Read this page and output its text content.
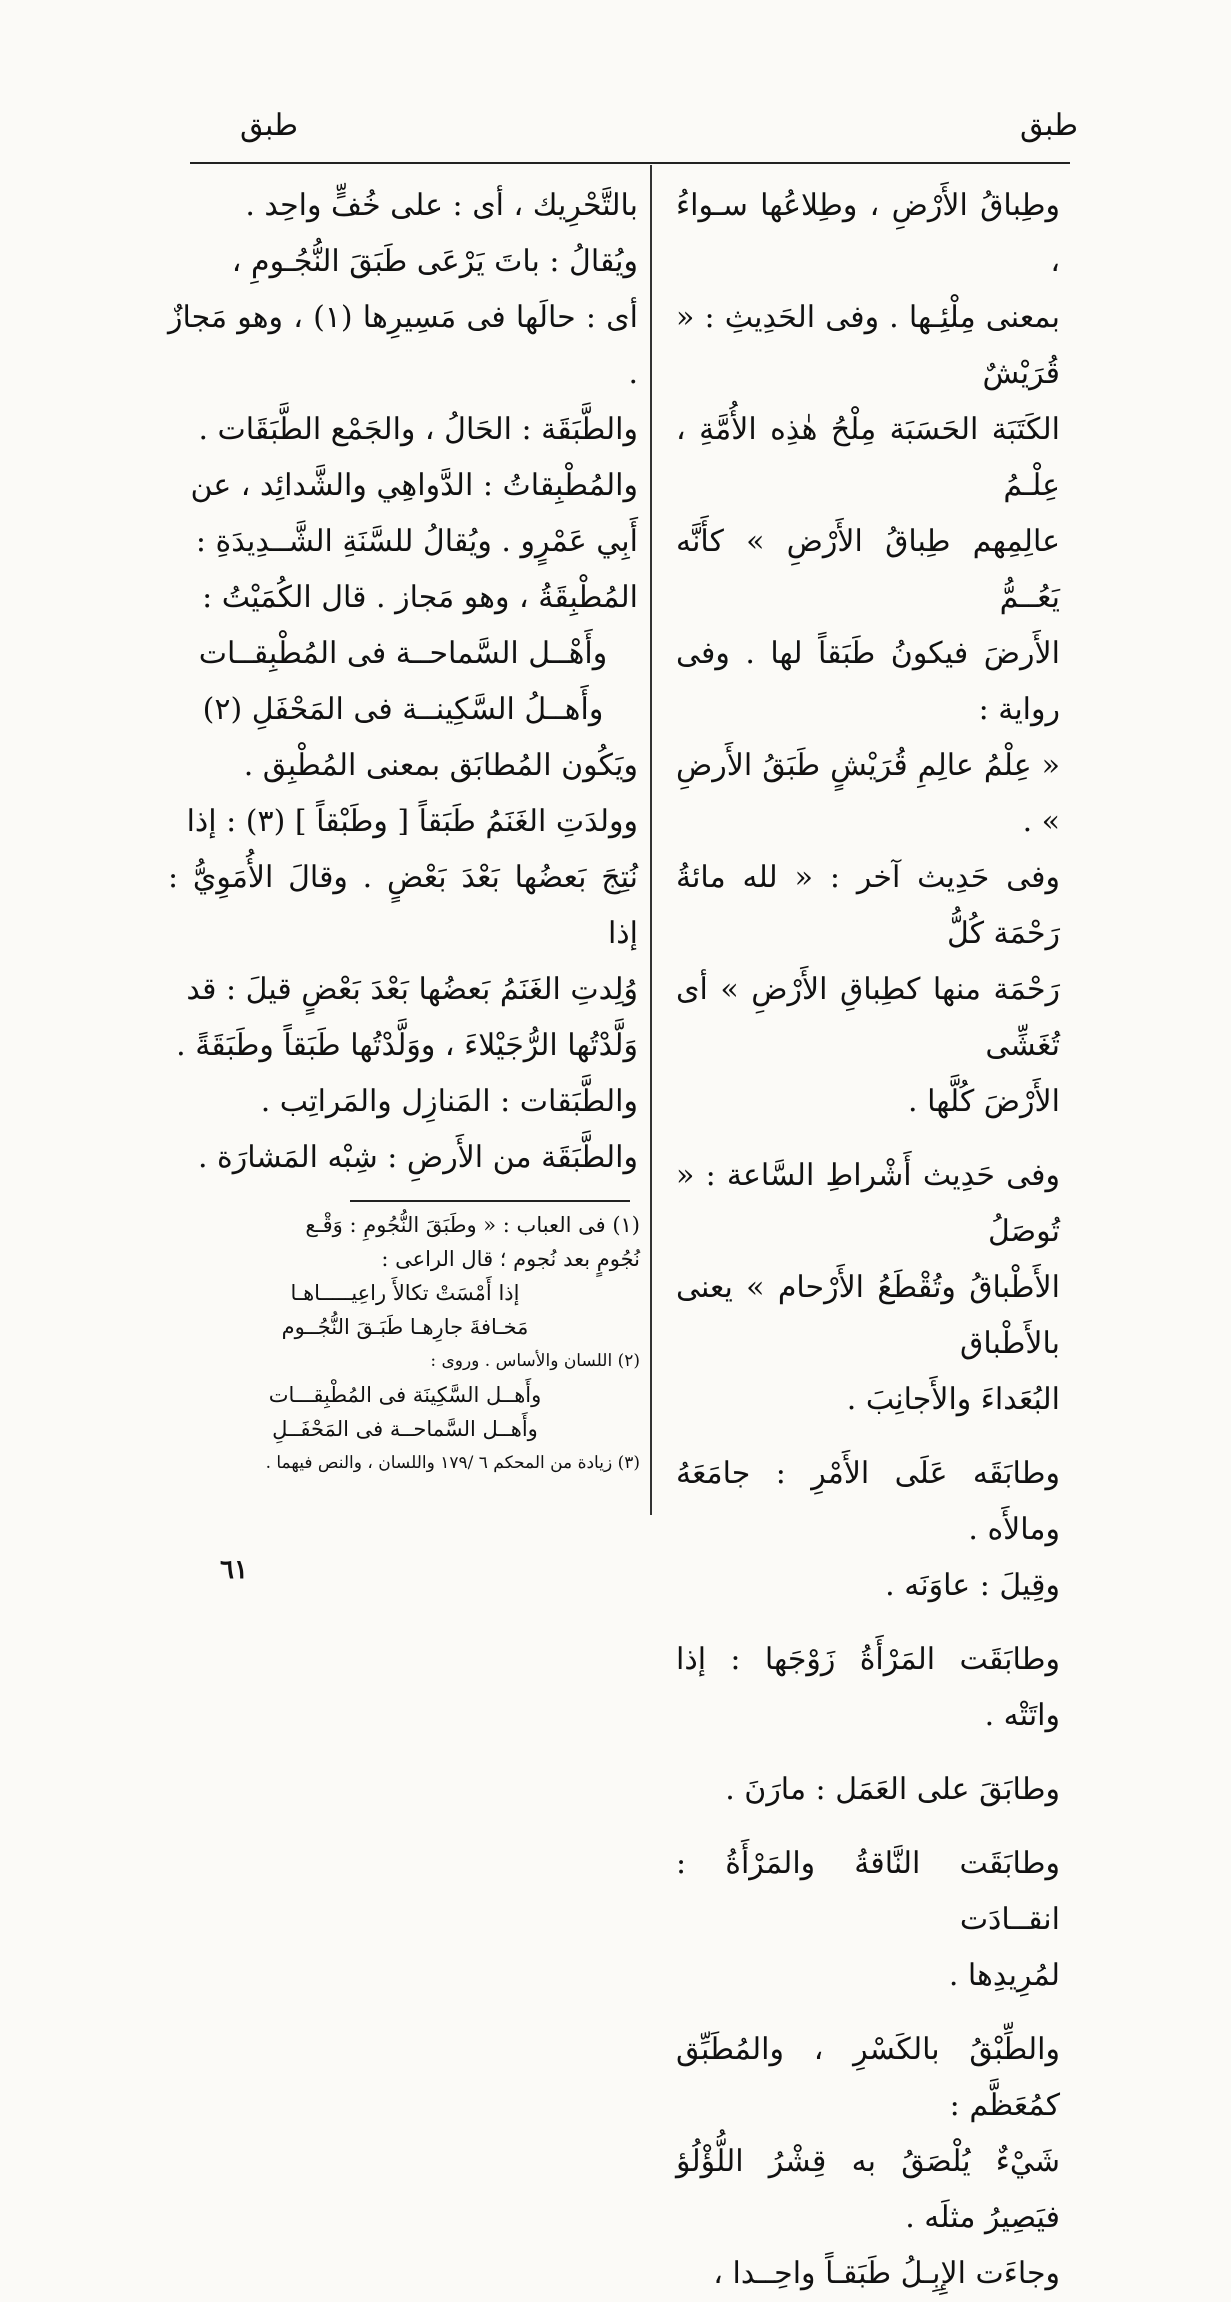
طبق
طبق

وطِباقُ الأَرْضِ ، وطِلاعُها سـواءُ ،

بمعنى مِلْئِـها . وفى الحَدِيثِ : « قُرَيْشٌ

الكَتَبَة الحَسَبَة مِلْحُ هٰذِه الأُمَّةِ ، عِلْـمُ

عالِمِهم طِباقُ الأَرْضِ » كأَنَّه يَعُــمُّ

الأَرضَ فيكونُ طَبَقاً لها . وفى رواية :

« عِلْمُ عالِمِ قُرَيْشٍ طَبَقُ الأَرضِ » .

وفى حَدِيث آخر : « لله مائةُ رَحْمَة كُلُّ

رَحْمَة منها كطِباقِ الأَرْضِ » أى تُغَشِّى

الأَرْضَ كُلَّها .

وفى حَدِيث أَشْراطِ السَّاعة : « تُوصَلُ

الأَطْباقُ وتُقْطَعُ الأَرْحام » يعنى بالأَطْباق

البُعَداءَ والأَجانِبَ .

وطابَقَه عَلَى الأَمْرِ : جامَعَهُ ومالأَه .

وقِيلَ : عاوَنَه .

وطابَقَت المَرْأَةُ زَوْجَها : إذا واتَتْه .

وطابَقَ على العَمَل : مارَنَ .

وطابَقَت النَّاقةُ والمَرْأَةُ : انقــادَت

لمُرِيدِها .

والطِّبْقُ بالكَسْرِ ، والمُطَبِّق كمُعَظَّم :

شَيْءٌ يُلْصَقُ به قِشْرُ اللُّؤْلُؤ فيَصِيرُ مثلَه .

وجاءَت الإِبِـلُ طَبَقـاً واحِــدا ،

بالتَّحْرِيك ، أى : على خُفٍّ واحِد .

ويُقالُ : باتَ يَرْعَى طَبَقَ النُّجُـومِ ،

أى : حالَها فى مَسِيرِها (١) ، وهو مَجازٌ .

والطَّبَقَة : الحَالُ ، والجَمْع الطَّبَقَات .

والمُطْبِقاتُ : الدَّواهِي والشَّدائِد ، عن

أَبِي عَمْرٍو . ويُقالُ للسَّنَةِ الشَّــدِيدَةِ :

المُطْبِقَةُ ، وهو مَجاز . قال الكُمَيْتُ :

وأَهْــل السَّماحــة فى المُطْبِقــات

وأَهــلُ السَّكِينــة فى المَحْفَلِ (٢)

ويَكُون المُطابَق بمعنى المُطْبِق .

وولدَتِ الغَنَمُ طَبَقاً [ وطَبْقاً ] (٣) : إذا

نُتِجَ بَعضُها بَعْدَ بَعْضٍ . وقالَ الأُمَوِيُّ : إذا

وُلِدتِ الغَنَمُ بَعضُها بَعْدَ بَعْضٍ قيلَ : قد

وَلَّدْتُها الرُّجَيْلاءَ ، ووَلَّدْتُها طَبَقاً وطَبَقَةً .

والطَّبَقات : المَنازِل والمَراتِب .

والطَّبَقَة من الأَرضِ : شِبْه المَشارَة .

(١) فى العباب : « وطَبَقَ النُّجُومِ : وَقْـع

نُجُومٍ بعد نُجوم ؛ قال الراعى :

إذا أَمْسَتْ تكالأَ راعِيـــــاهـا

مَخـافةَ جارِهـا طَبَـقَ النُّجُــوم

(٢) اللسان والأساس . وروى :

وأَهــل السَّكِينَة فى المُطْبِقـــات

وأَهــل السَّماحــة فى المَحْفَــلِ

(٣) زيادة من المحكم ٦ /١٧٩ واللسان ، والنص فيهما .

٦١
